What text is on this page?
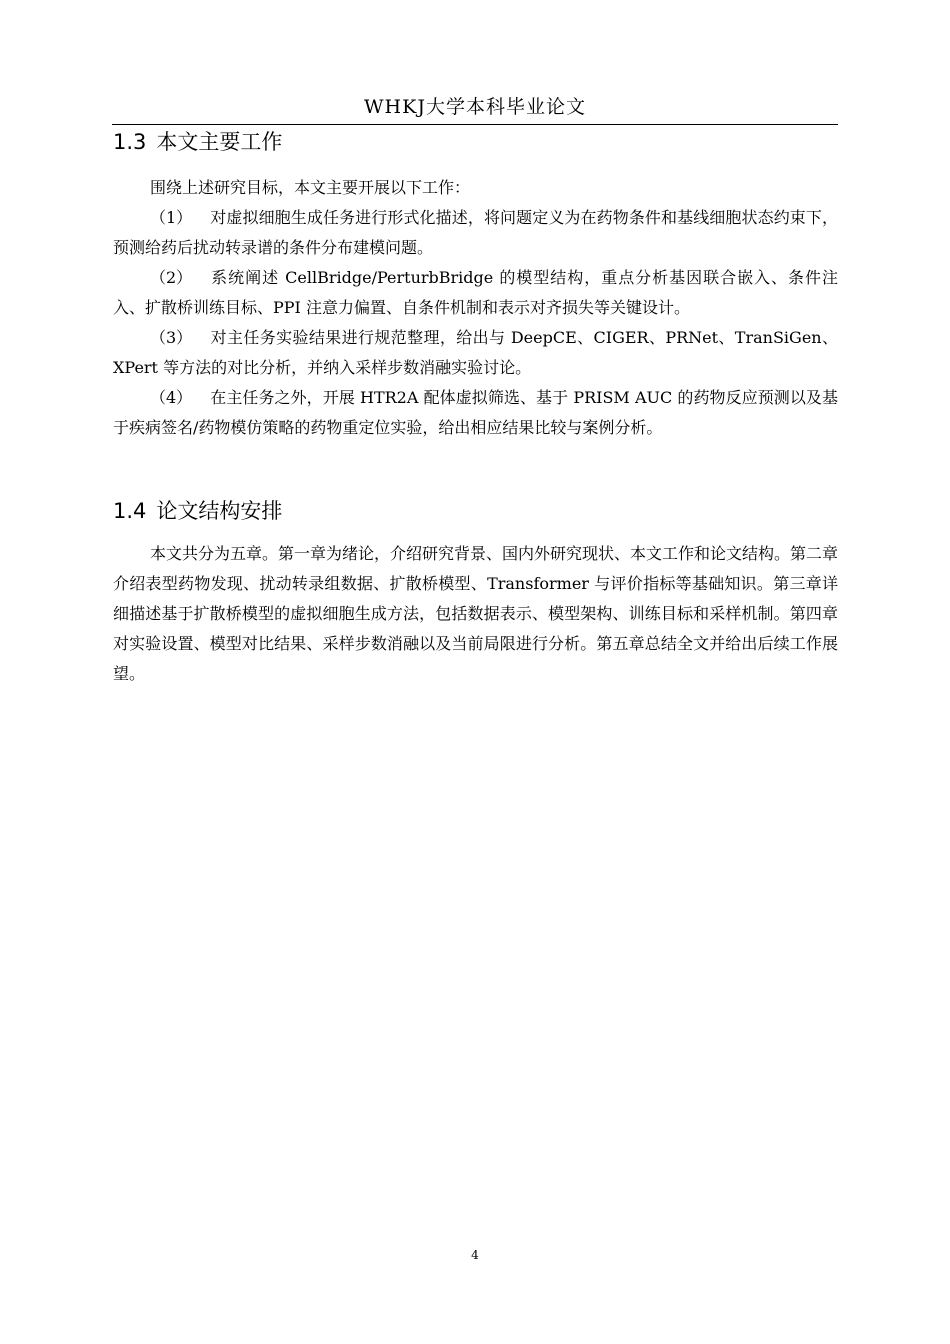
WHKJ大学本科毕业论文
1.3 本文主要工作

围绕上述研究目标，本文主要开展以下工作：

（1） 对虚拟细胞生成任务进行形式化描述，将问题定义为在药物条件和基线细胞状态约束下，预测给药后扰动转录谱的条件分布建模问题。

（2） 系统阐述 CellBridge/PerturbBridge 的模型结构，重点分析基因联合嵌入、条件注入、扩散桥训练目标、PPI 注意力偏置、自条件机制和表示对齐损失等关键设计。

（3） 对主任务实验结果进行规范整理，给出与 DeepCE、CIGER、PRNet、TranSiGen、XPert 等方法的对比分析，并纳入采样步数消融实验讨论。

（4） 在主任务之外，开展 HTR2A 配体虚拟筛选、基于 PRISM AUC 的药物反应预测以及基于疾病签名/药物模仿策略的药物重定位实验，给出相应结果比较与案例分析。

1.4 论文结构安排

本文共分为五章。第一章为绪论，介绍研究背景、国内外研究现状、本文工作和论文结构。第二章介绍表型药物发现、扰动转录组数据、扩散桥模型、Transformer 与评价指标等基础知识。第三章详细描述基于扩散桥模型的虚拟细胞生成方法，包括数据表示、模型架构、训练目标和采样机制。第四章对实验设置、模型对比结果、采样步数消融以及当前局限进行分析。第五章总结全文并给出后续工作展望。

4
